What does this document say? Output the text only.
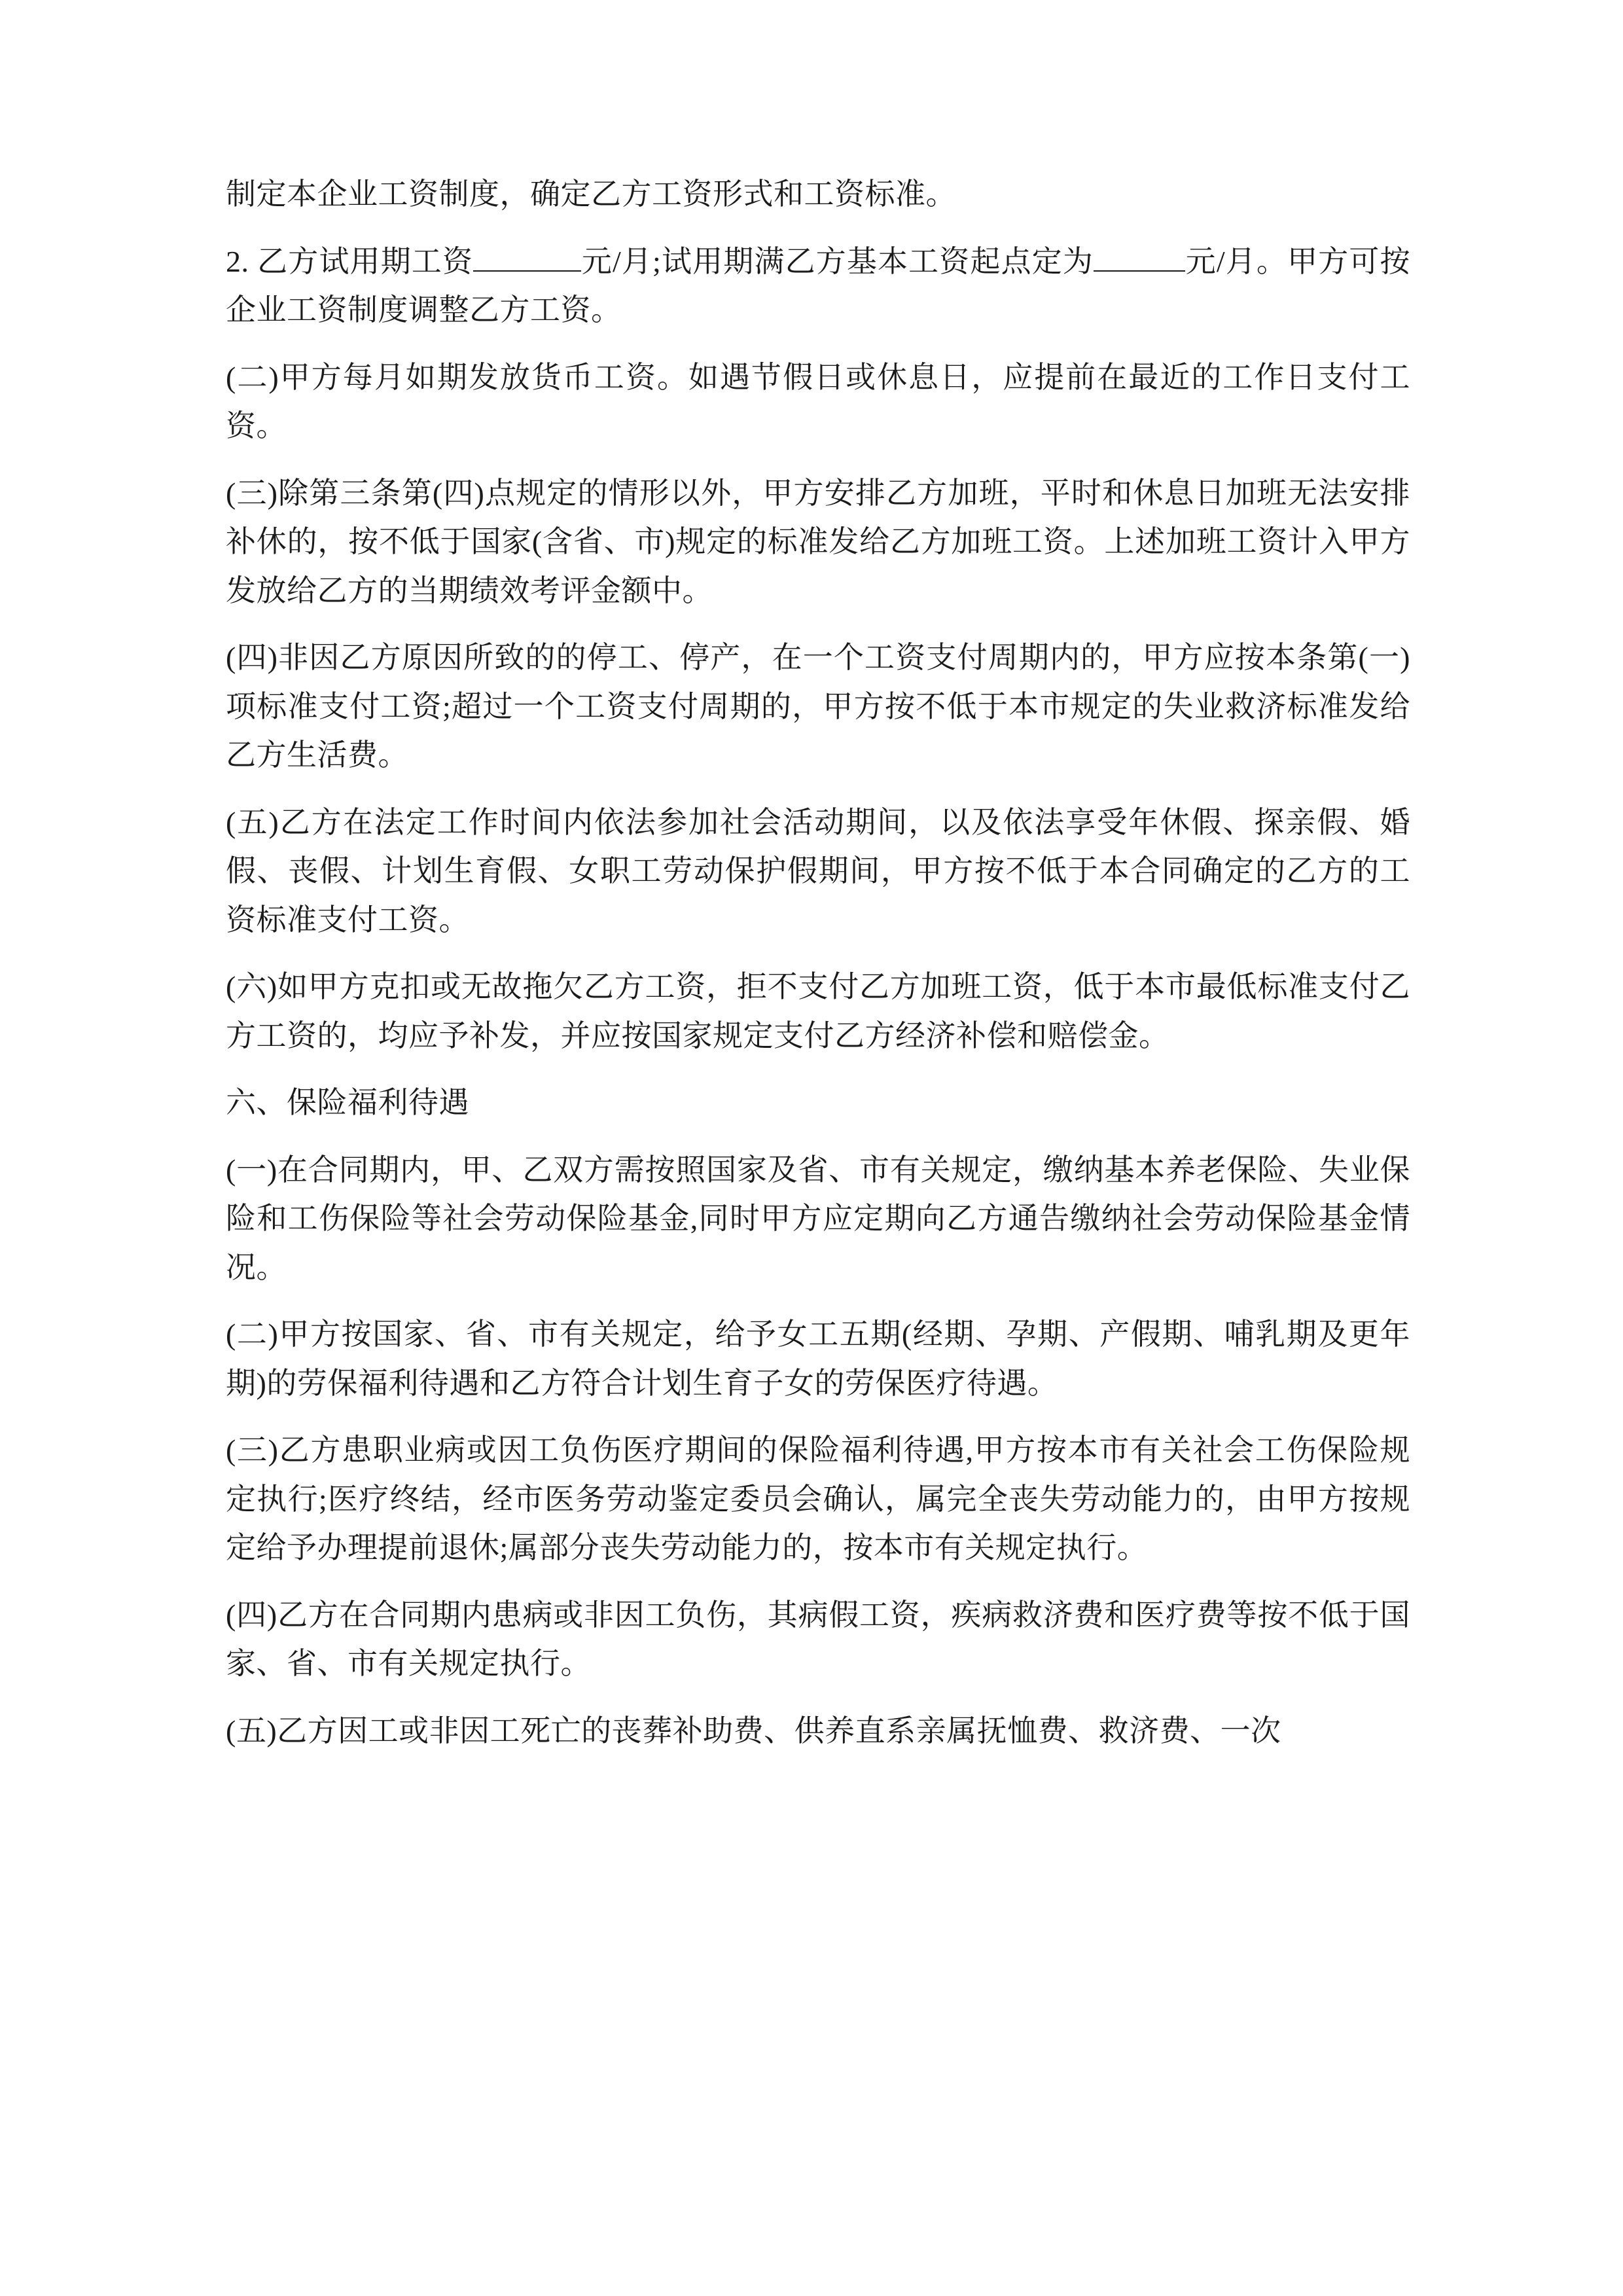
制定本企业工资制度，确定乙方工资形式和工资标准。

2. 乙方试用期工资	元/月;试用期满乙方基本工资起点定为	元/月。甲方可按企业工资制度调整乙方工资。

(二)甲方每月如期发放货币工资。如遇节假日或休息日，应提前在最近的工作日支付工资。

(三)除第三条第(四)点规定的情形以外，甲方安排乙方加班，平时和休息日加班无法安排补休的，按不低于国家(含省、市)规定的标准发给乙方加班工资。上述加班工资计入甲方发放给乙方的当期绩效考评金额中。

(四)非因乙方原因所致的的停工、停产，在一个工资支付周期内的，甲方应按本条第(一)项标准支付工资;超过一个工资支付周期的，甲方按不低于本市规定的失业救济标准发给乙方生活费。

(五)乙方在法定工作时间内依法参加社会活动期间，以及依法享受年休假、探亲假、婚假、丧假、计划生育假、女职工劳动保护假期间，甲方按不低于本合同确定的乙方的工资标准支付工资。

(六)如甲方克扣或无故拖欠乙方工资，拒不支付乙方加班工资，低于本市最低标准支付乙方工资的，均应予补发，并应按国家规定支付乙方经济补偿和赔偿金。

六、保险福利待遇

(一)在合同期内，甲、乙双方需按照国家及省、市有关规定，缴纳基本养老保险、失业保险和工伤保险等社会劳动保险基金,同时甲方应定期向乙方通告缴纳社会劳动保险基金情况。

(二)甲方按国家、省、市有关规定，给予女工五期(经期、孕期、产假期、哺乳期及更年期)的劳保福利待遇和乙方符合计划生育子女的劳保医疗待遇。

(三)乙方患职业病或因工负伤医疗期间的保险福利待遇,甲方按本市有关社会工伤保险规定执行;医疗终结，经市医务劳动鉴定委员会确认，属完全丧失劳动能力的，由甲方按规定给予办理提前退休;属部分丧失劳动能力的，按本市有关规定执行。

(四)乙方在合同期内患病或非因工负伤，其病假工资，疾病救济费和医疗费等按不低于国家、省、市有关规定执行。

(五)乙方因工或非因工死亡的丧葬补助费、供养直系亲属抚恤费、救济费、一次
